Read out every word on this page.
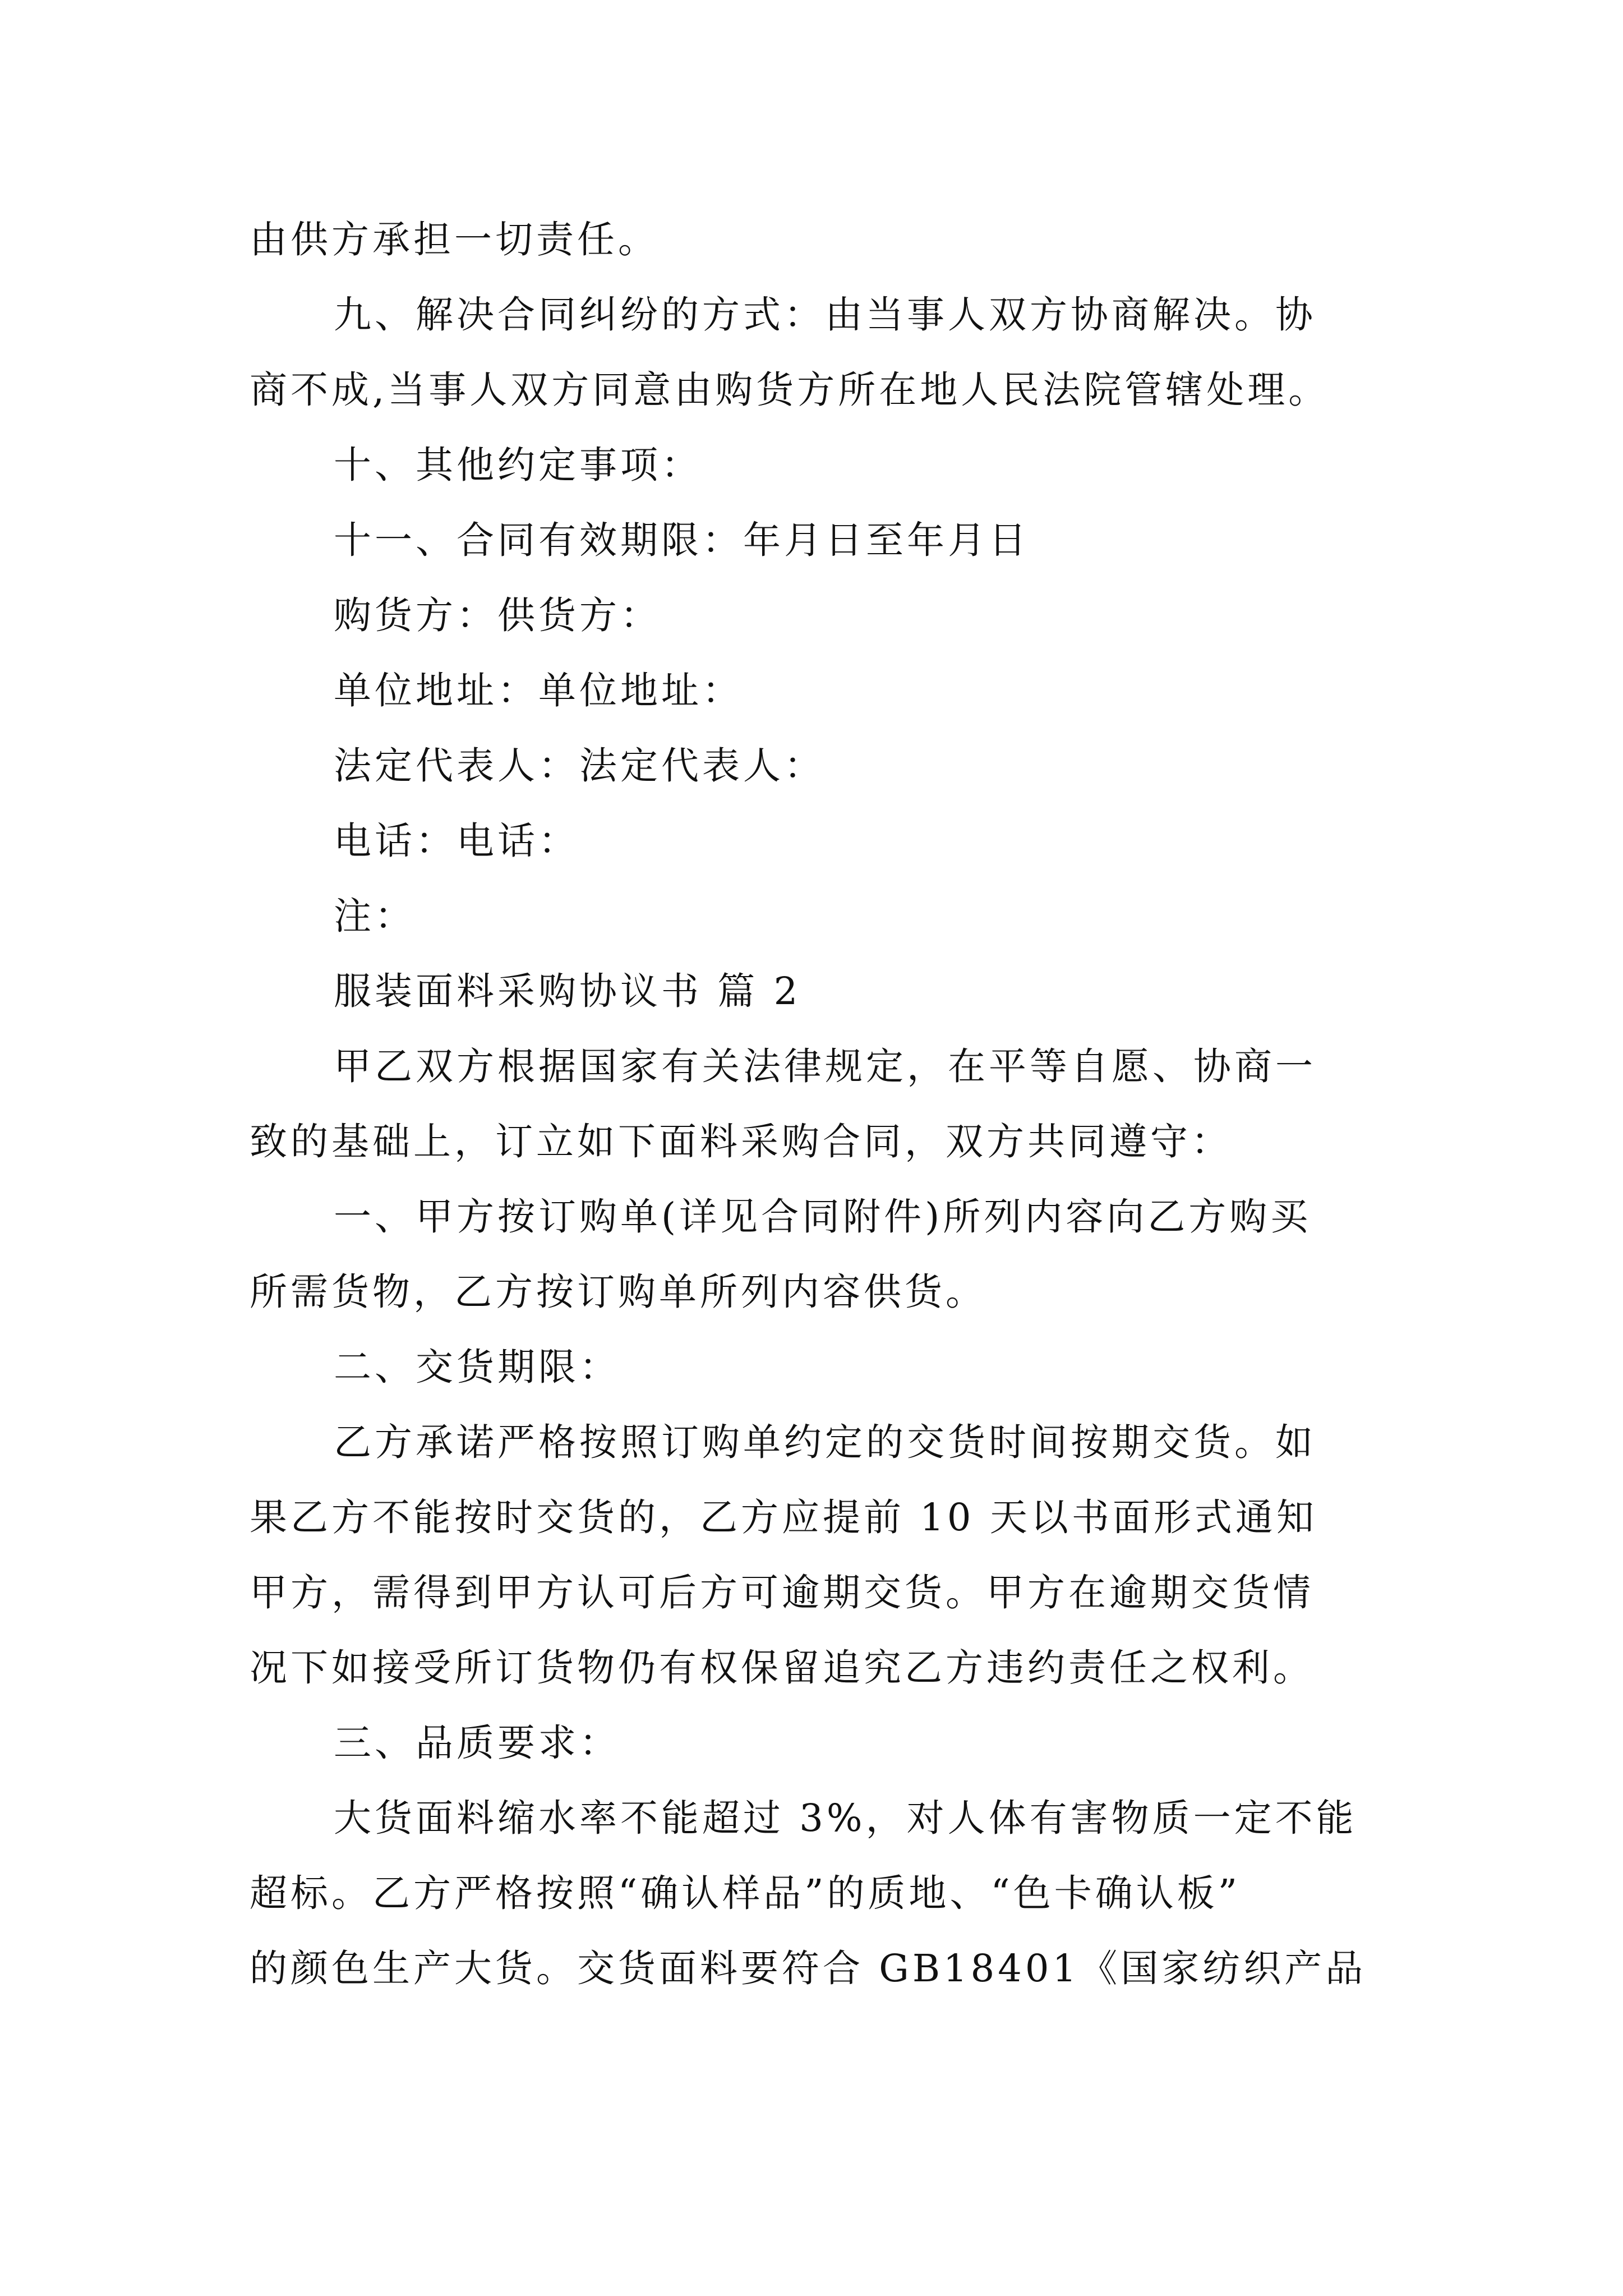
由供方承担一切责任。

九、解决合同纠纷的方式：由当事人双方协商解决。协

商不成,当事人双方同意由购货方所在地人民法院管辖处理。

十、其他约定事项：

十一、合同有效期限：年月日至年月日

购货方：供货方：

单位地址：单位地址：

法定代表人：法定代表人：

电话：电话：

注：

服装面料采购协议书 篇 2

甲乙双方根据国家有关法律规定，在平等自愿、协商一

致的基础上，订立如下面料采购合同，双方共同遵守：

一、甲方按订购单(详见合同附件)所列内容向乙方购买

所需货物，乙方按订购单所列内容供货。

二、交货期限：

乙方承诺严格按照订购单约定的交货时间按期交货。如

果乙方不能按时交货的，乙方应提前 10 天以书面形式通知

甲方，需得到甲方认可后方可逾期交货。甲方在逾期交货情

况下如接受所订货物仍有权保留追究乙方违约责任之权利。

三、品质要求：

大货面料缩水率不能超过 3%，对人体有害物质一定不能

超标。乙方严格按照“确认样品”的质地、“色卡确认板”

的颜色生产大货。交货面料要符合 GB18401《国家纺织产品
